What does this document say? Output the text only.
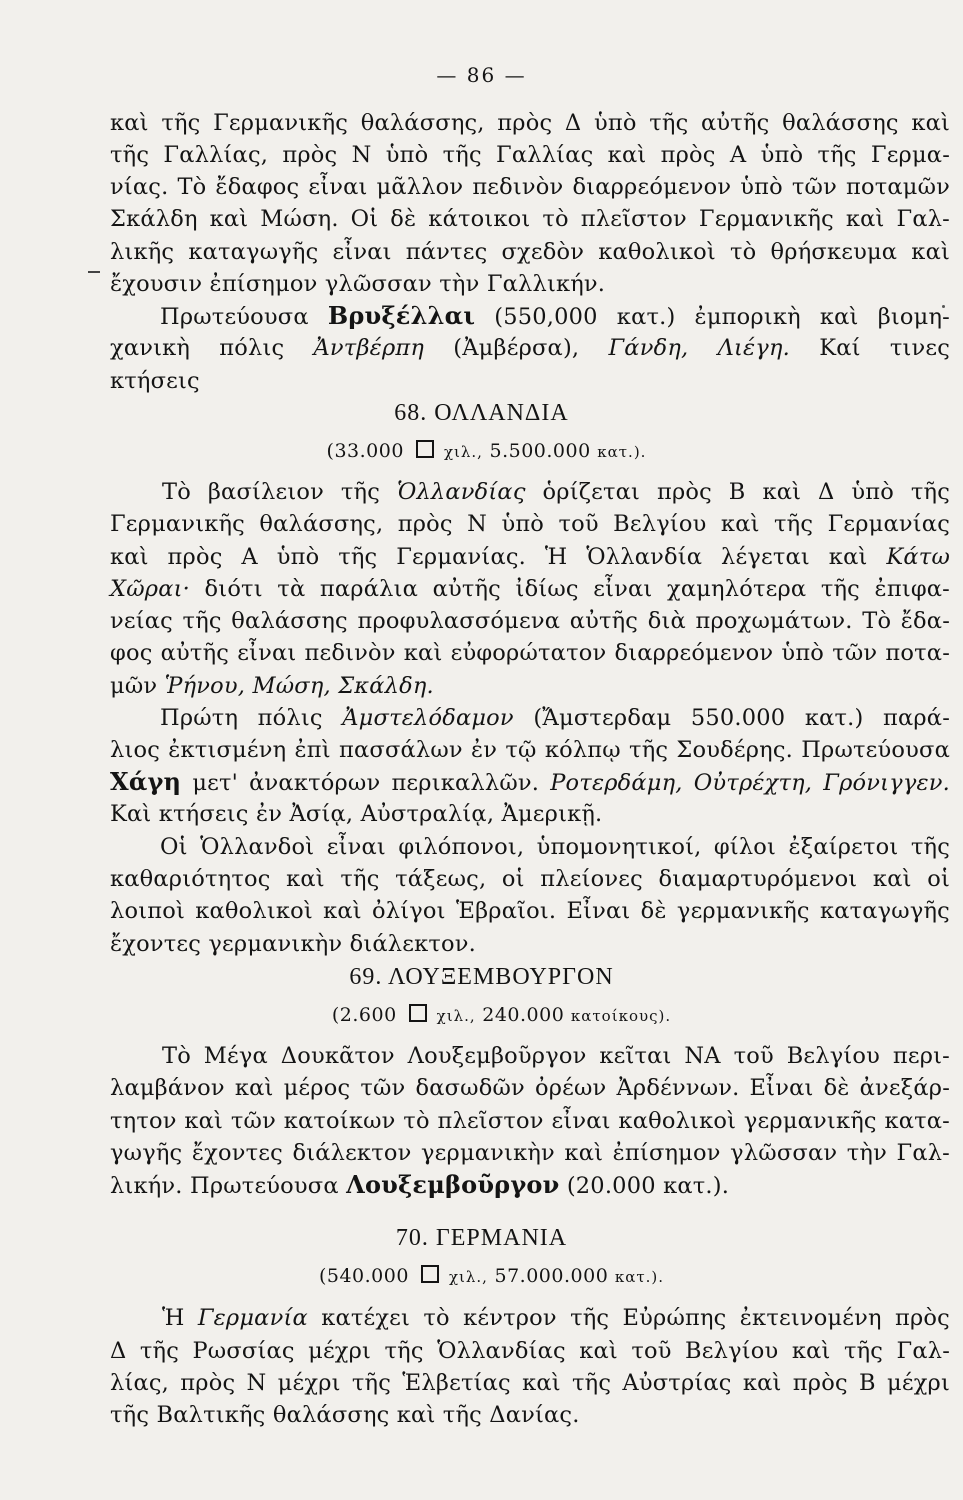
— 86 —
καὶ τῆς Γερμανικῆς θαλάσσης, πρὸς Δ ὑπὸ τῆς αὐτῆς θαλάσσης καὶ
τῆς Γαλλίας, πρὸς Ν ὑπὸ τῆς Γαλλίας καὶ πρὸς Α ὑπὸ τῆς Γερμα-
νίας. Τὸ ἔδαφος εἶναι μᾶλλον πεδινὸν διαρρεόμενον ὑπὸ τῶν ποταμῶν
Σκάλδη καὶ Μώση. Οἱ δὲ κάτοικοι τὸ πλεῖστον Γερμανικῆς καὶ Γαλ-
λικῆς καταγωγῆς εἶναι πάντες σχεδὸν καθολικοὶ τὸ θρήσκευμα καὶ
ἔχουσιν ἐπίσημον γλῶσσαν τὴν Γαλλικήν.
Πρωτεύουσα Βρυξέλλαι (550,000 κατ.) ἐμπορικὴ καὶ βιομη-
χανικὴ πόλις Ἀντβέρπη (Ἀμβέρσα), Γάνδη, Λιέγη. Καί τινες
κτήσεις
68. ΟΛΛΑΝΔΙΑ
(33.000	χιλ., 5.500.000 κατ.).
Τὸ βασίλειον τῆς Ὁλλανδίας ὁρίζεται πρὸς Β καὶ Δ ὑπὸ τῆς
Γερμανικῆς θαλάσσης, πρὸς Ν ὑπὸ τοῦ Βελγίου καὶ τῆς Γερμανίας
καὶ πρὸς Α ὑπὸ τῆς Γερμανίας. Ἡ Ὁλλανδία λέγεται καὶ Κάτω
Χῶραι· διότι τὰ παράλια αὐτῆς ἰδίως εἶναι χαμηλότερα τῆς ἐπιφα-
νείας τῆς θαλάσσης προφυλασσόμενα αὐτῆς διὰ προχωμάτων. Τὸ ἔδα-
φος αὐτῆς εἶναι πεδινὸν καὶ εὐφορώτατον διαρρεόμενον ὑπὸ τῶν ποτα-
μῶν Ῥήνου, Μώση, Σκάλδη.
Πρώτη πόλις Ἀμστελόδαμον (Ἄμστερδαμ 550.000 κατ.) παρά-
λιος ἐκτισμένη ἐπὶ πασσάλων ἐν τῷ κόλπῳ τῆς Σουδέρης. Πρωτεύουσα
Χάγη μετ' ἀνακτόρων περικαλλῶν. Ροτερδάμη, Οὐτρέχτη, Γρόνιγγεν.
Καὶ κτήσεις ἐν Ἀσίᾳ, Αὐστραλίᾳ, Ἀμερικῇ.
Οἱ Ὁλλανδοὶ εἶναι φιλόπονοι, ὑπομονητικοί, φίλοι ἐξαίρετοι τῆς
καθαριότητος καὶ τῆς τάξεως, οἱ πλείονες διαμαρτυρόμενοι καὶ οἱ
λοιποὶ καθολικοὶ καὶ ὀλίγοι Ἑβραῖοι. Εἶναι δὲ γερμανικῆς καταγωγῆς
ἔχοντες γερμανικὴν διάλεκτον.
69. ΛΟΥΞΕΜΒΟΥΡΓΟΝ
(2.600	χιλ., 240.000 κατοίκους).
Τὸ Μέγα Δουκᾶτον Λουξεμβοῦργον κεῖται ΝΑ τοῦ Βελγίου περι-
λαμβάνον καὶ μέρος τῶν δασωδῶν ὀρέων Ἀρδέννων. Εἶναι δὲ ἀνεξάρ-
τητον καὶ τῶν κατοίκων τὸ πλεῖστον εἶναι καθολικοὶ γερμανικῆς κατα-
γωγῆς ἔχοντες διάλεκτον γερμανικὴν καὶ ἐπίσημον γλῶσσαν τὴν Γαλ-
λικήν. Πρωτεύουσα Λουξεμβοῦργον (20.000 κατ.).
70. ΓΕΡΜΑΝΙΑ
(540.000	χιλ., 57.000.000 κατ.).
Ἡ Γερμανία κατέχει τὸ κέντρον τῆς Εὐρώπης ἐκτεινομένη πρὸς
Δ τῆς Ρωσσίας μέχρι τῆς Ὁλλανδίας καὶ τοῦ Βελγίου καὶ τῆς Γαλ-
λίας, πρὸς Ν μέχρι τῆς Ἑλβετίας καὶ τῆς Αὐστρίας καὶ πρὸς Β μέχρι
τῆς Βαλτικῆς θαλάσσης καὶ τῆς Δανίας.
